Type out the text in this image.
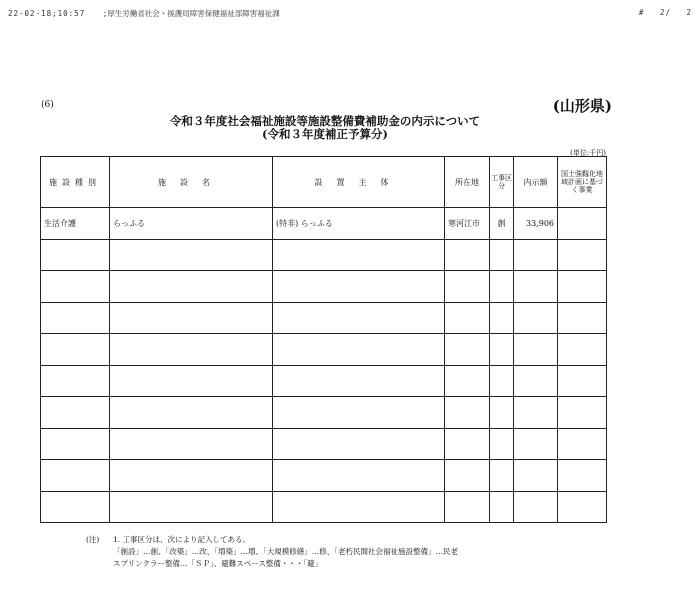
22-02-18;10:57 ;厚生労働省社会・援護局障害保健福祉部障害福祉課	# 2/ 2
(6)	(山形県)
令和３年度社会福祉施設等施設整備費補助金の内示について
(令和３年度補正予算分)
(単位:千円)
施設種別	施設名	設置主体	所在地	工事区分	内示額	国土強靱化地域計画に基づく事業
生活介護	らっふる	(特非) らっふる	寒河江市	創	33,906	

(注) 1. 工事区分は、次により記入してある。
「創設」…創、「改築」…改、「増築」…増、「大規模修繕」…修、「老朽民間社会福祉施設整備」…民老
スプリンクラー整備…「ＳＰ」、避難スペース整備・・・「避」
